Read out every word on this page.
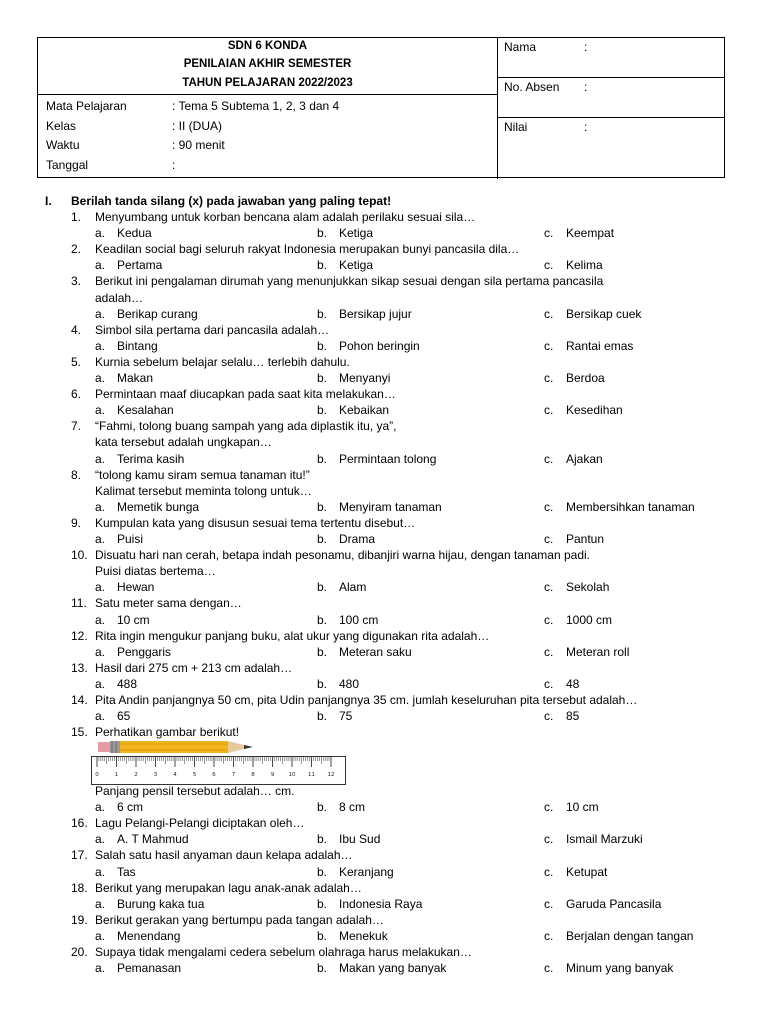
SDN 6 KONDA
PENILAIAN AKHIR SEMESTER
TAHUN PELAJARAN 2022/2023
Mata Pelajaran	: Tema 5 Subtema 1, 2, 3 dan 4
Kelas	: II (DUA)
Waktu	: 90 menit
Tanggal	:
Nama	:
No. Absen :
Nilai	:
I. Berilah tanda silang (x) pada jawaban yang paling tepat!
1.	Menyumbang untuk korban bencana alam adalah perilaku sesuai sila…
a. Kedua	b. Ketiga	c. Keempat
2.	Keadilan social bagi seluruh rakyat Indonesia merupakan bunyi pancasila dila…
a. Pertama	b. Ketiga	c. Kelima
3.	Berikut ini pengalaman dirumah yang menunjukkan sikap sesuai dengan sila pertama pancasila
adalah…
a. Berikap curang	b. Bersikap jujur	c. Bersikap cuek
4.	Simbol sila pertama dari pancasila adalah…
a. Bintang	b. Pohon beringin	c. Rantai emas
5.	Kurnia sebelum belajar selalu… terlebih dahulu.
a. Makan	b. Menyanyi	c. Berdoa
6.	Permintaan maaf diucapkan pada saat kita melakukan…
a. Kesalahan	b. Kebaikan	c. Kesedihan
7.	“Fahmi, tolong buang sampah yang ada diplastik itu, ya”,
kata tersebut adalah ungkapan…
a. Terima kasih	b. Permintaan tolong	c. Ajakan
8.	“tolong kamu siram semua tanaman itu!”
Kalimat tersebut meminta tolong untuk…
a. Memetik bunga	b. Menyiram tanaman	c. Membersihkan tanaman
9.	Kumpulan kata yang disusun sesuai tema tertentu disebut…
a. Puisi	b. Drama	c. Pantun
10. Disuatu hari nan cerah, betapa indah pesonamu, dibanjiri warna hijau, dengan tanaman padi.
Puisi diatas bertema…
a. Hewan	b. Alam	c. Sekolah
11. Satu meter sama dengan…
a. 10 cm	b. 100 cm	c. 1000 cm
12. Rita ingin mengukur panjang buku, alat ukur yang digunakan rita adalah…
a. Penggaris	b. Meteran saku	c. Meteran roll
13. Hasil dari 275 cm + 213 cm adalah…
a. 488	b. 480	c. 48
14. Pita Andin panjangnya 50 cm, pita Udin panjangnya 35 cm. jumlah keseluruhan pita tersebut adalah…
a. 65	b. 75	c. 85
15. Perhatikan gambar berikut!
Panjang pensil tersebut adalah… cm.
a. 6 cm	b. 8 cm	c. 10 cm
16. Lagu Pelangi-Pelangi diciptakan oleh…
a. A. T Mahmud	b. Ibu Sud	c. Ismail Marzuki
17. Salah satu hasil anyaman daun kelapa adalah…
a. Tas	b. Keranjang	c. Ketupat
18. Berikut yang merupakan lagu anak-anak adalah…
a. Burung kaka tua	b. Indonesia Raya	c. Garuda Pancasila
19. Berikut gerakan yang bertumpu pada tangan adalah…
a. Menendang	b. Menekuk	c. Berjalan dengan tangan
20. Supaya tidak mengalami cedera sebelum olahraga harus melakukan…
a. Pemanasan	b. Makan yang banyak	c. Minum yang banyak
0	1	2	3	4	5	6	7	8	9	10 11 12
